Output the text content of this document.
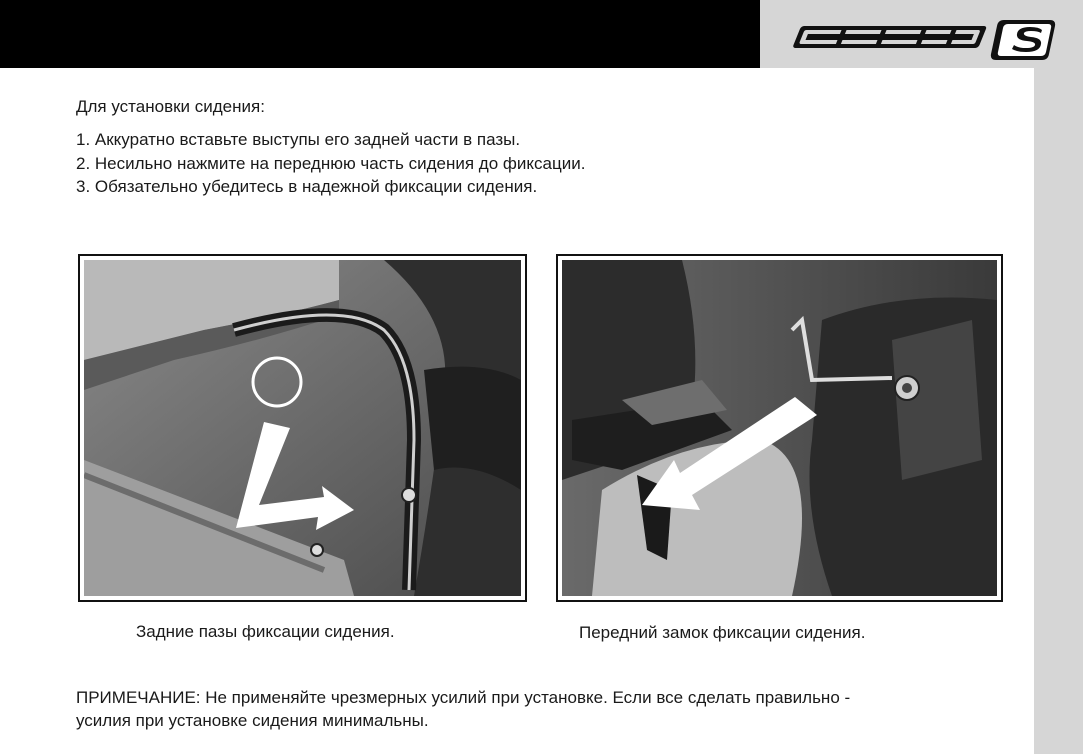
Для установки сидения:
1. Аккуратно вставьте выступы его задней части в пазы.
2. Несильно нажмите на переднюю часть сидения до фиксации.
3. Обязательно убедитесь в надежной фиксации сидения.
Задние пазы фиксации сидения.	Передний замок фиксации сидения.
ПРИМЕЧАНИЕ: Не применяйте чрезмерных усилий при установке. Если все сделать правильно -
усилия при установке сидения минимальны.
